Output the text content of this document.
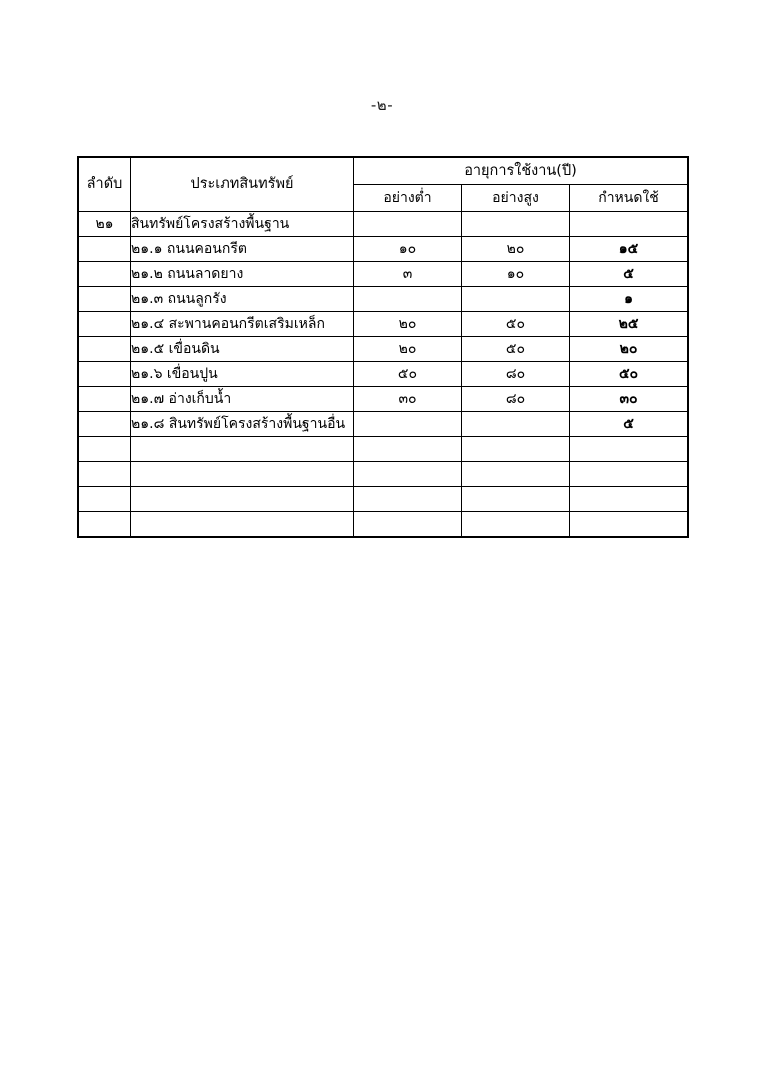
-๒-
ลำดับ	ประเภทสินทรัพย์	อายุการใช้งาน(ปี)		
		อย่างต่ำ	อย่างสูง	กำหนดใช้
๒๑	สินทรัพย์โครงสร้างพื้นฐาน			
	๒๑.๑ ถนนคอนกรีต	๑๐	๒๐	๑๕
	๒๑.๒ ถนนลาดยาง	๓	๑๐	๕
	๒๑.๓ ถนนลูกรัง			๑
	๒๑.๔ สะพานคอนกรีตเสริมเหล็ก	๒๐	๕๐	๒๕
	๒๑.๕ เขื่อนดิน	๒๐	๕๐	๒๐
	๒๑.๖ เขื่อนปูน	๕๐	๘๐	๕๐
	๒๑.๗ อ่างเก็บน้ำ	๓๐	๘๐	๓๐
	๒๑.๘ สินทรัพย์โครงสร้างพื้นฐานอื่น			๕
